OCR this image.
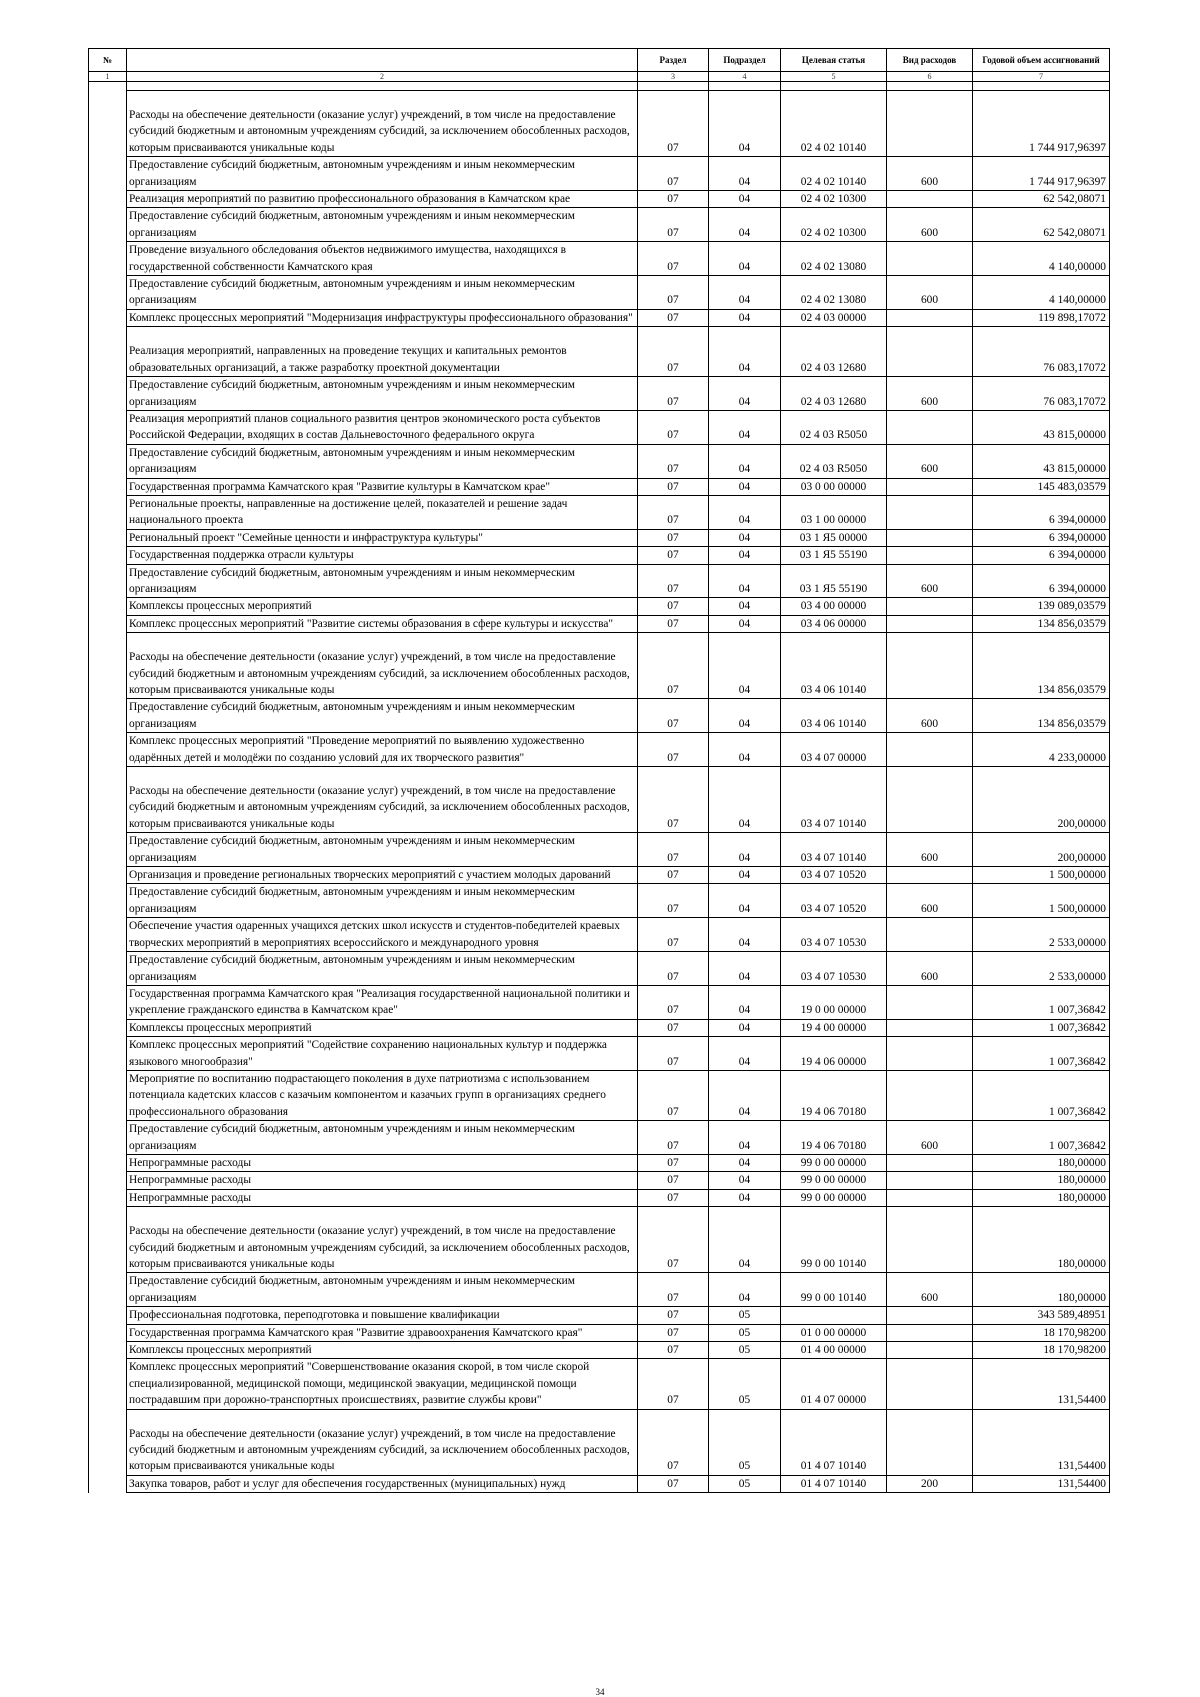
№		Раздел	Подраздел	Целевая статья	Вид расходов	Годовой объем ассигнований
1	2	3	4	5	6	7

	Расходы на обеспечение деятельности (оказание услуг) учреждений, в том числе на предоставление субсидий бюджетным и автономным учреждениям субсидий, за исключением обособленных расходов, которым присваиваются уникальные коды	07	04	02 4 02 10140		1 744 917,96397
	Предоставление субсидий бюджетным, автономным учреждениям и иным некоммерческим организациям	07	04	02 4 02 10140	600	1 744 917,96397
	Реализация мероприятий по развитию профессионального образования в Камчатском крае	07	04	02 4 02 10300		62 542,08071
	Предоставление субсидий бюджетным, автономным учреждениям и иным некоммерческим организациям	07	04	02 4 02 10300	600	62 542,08071
	Проведение визуального обследования объектов недвижимого имущества, находящихся в государственной собственности Камчатского края	07	04	02 4 02 13080		4 140,00000
	Предоставление субсидий бюджетным, автономным учреждениям и иным некоммерческим организациям	07	04	02 4 02 13080	600	4 140,00000
	Комплекс процессных мероприятий "Модернизация инфраструктуры профессионального образования"	07	04	02 4 03 00000		119 898,17072
	Реализация мероприятий, направленных на проведение текущих и капитальных ремонтов образовательных организаций, а также разработку проектной документации	07	04	02 4 03 12680		76 083,17072
	Предоставление субсидий бюджетным, автономным учреждениям и иным некоммерческим организациям	07	04	02 4 03 12680	600	76 083,17072
	Реализация мероприятий планов социального развития центров экономического роста субъектов Российской Федерации, входящих в состав Дальневосточного федерального округа	07	04	02 4 03 R5050		43 815,00000
	Предоставление субсидий бюджетным, автономным учреждениям и иным некоммерческим организациям	07	04	02 4 03 R5050	600	43 815,00000
	Государственная программа Камчатского края "Развитие культуры в Камчатском крае"	07	04	03 0 00 00000		145 483,03579
	Региональные проекты, направленные на достижение целей, показателей и решение задач национального проекта	07	04	03 1 00 00000		6 394,00000
	Региональный проект "Семейные ценности и инфраструктура культуры"	07	04	03 1 Я5 00000		6 394,00000
	Государственная поддержка отрасли культуры	07	04	03 1 Я5 55190		6 394,00000
	Предоставление субсидий бюджетным, автономным учреждениям и иным некоммерческим организациям	07	04	03 1 Я5 55190	600	6 394,00000
	Комплексы процессных мероприятий	07	04	03 4 00 00000		139 089,03579
	Комплекс процессных мероприятий "Развитие системы образования в сфере культуры и искусства"	07	04	03 4 06 00000		134 856,03579
	Расходы на обеспечение деятельности (оказание услуг) учреждений, в том числе на предоставление субсидий бюджетным и автономным учреждениям субсидий, за исключением обособленных расходов, которым присваиваются уникальные коды	07	04	03 4 06 10140		134 856,03579
	Предоставление субсидий бюджетным, автономным учреждениям и иным некоммерческим организациям	07	04	03 4 06 10140	600	134 856,03579
	Комплекс процессных мероприятий "Проведение мероприятий по выявлению художественно одарённых детей и молодёжи по созданию условий для их творческого развития"	07	04	03 4 07 00000		4 233,00000
	Расходы на обеспечение деятельности (оказание услуг) учреждений, в том числе на предоставление субсидий бюджетным и автономным учреждениям субсидий, за исключением обособленных расходов, которым присваиваются уникальные коды	07	04	03 4 07 10140		200,00000
	Предоставление субсидий бюджетным, автономным учреждениям и иным некоммерческим организациям	07	04	03 4 07 10140	600	200,00000
	Организация и проведение региональных творческих мероприятий с участием молодых дарований	07	04	03 4 07 10520		1 500,00000
	Предоставление субсидий бюджетным, автономным учреждениям и иным некоммерческим организациям	07	04	03 4 07 10520	600	1 500,00000
	Обеспечение участия одаренных учащихся детских школ искусств и студентов-победителей краевых творческих мероприятий в мероприятиях всероссийского и международного уровня	07	04	03 4 07 10530		2 533,00000
	Предоставление субсидий бюджетным, автономным учреждениям и иным некоммерческим организациям	07	04	03 4 07 10530	600	2 533,00000
	Государственная программа Камчатского края "Реализация государственной национальной политики и укрепление гражданского единства в Камчатском крае"	07	04	19 0 00 00000		1 007,36842
	Комплексы процессных мероприятий	07	04	19 4 00 00000		1 007,36842
	Комплекс процессных мероприятий "Содействие сохранению национальных культур и поддержка языкового многообразия"	07	04	19 4 06 00000		1 007,36842
	Мероприятие по воспитанию подрастающего поколения в духе патриотизма с использованием потенциала кадетских классов с казачьим компонентом и казачьих групп в организациях среднего профессионального образования	07	04	19 4 06 70180		1 007,36842
	Предоставление субсидий бюджетным, автономным учреждениям и иным некоммерческим организациям	07	04	19 4 06 70180	600	1 007,36842
	Непрограммные расходы	07	04	99 0 00 00000		180,00000
	Непрограммные расходы	07	04	99 0 00 00000		180,00000
	Непрограммные расходы	07	04	99 0 00 00000		180,00000
	Расходы на обеспечение деятельности (оказание услуг) учреждений, в том числе на предоставление субсидий бюджетным и автономным учреждениям субсидий, за исключением обособленных расходов, которым присваиваются уникальные коды	07	04	99 0 00 10140		180,00000
	Предоставление субсидий бюджетным, автономным учреждениям и иным некоммерческим организациям	07	04	99 0 00 10140	600	180,00000
	Профессиональная подготовка, переподготовка и повышение квалификации	07	05			343 589,48951
	Государственная программа Камчатского края "Развитие здравоохранения Камчатского края"	07	05	01 0 00 00000		18 170,98200
	Комплексы процессных мероприятий	07	05	01 4 00 00000		18 170,98200
	Комплекс процессных мероприятий "Совершенствование оказания скорой, в том числе скорой специализированной, медицинской помощи, медицинской эвакуации, медицинской помощи пострадавшим при дорожно-транспортных происшествиях, развитие службы крови"	07	05	01 4 07 00000		131,54400
	Расходы на обеспечение деятельности (оказание услуг) учреждений, в том числе на предоставление субсидий бюджетным и автономным учреждениям субсидий, за исключением обособленных расходов, которым присваиваются уникальные коды	07	05	01 4 07 10140		131,54400
	Закупка товаров, работ и услуг для обеспечения государственных (муниципальных) нужд	07	05	01 4 07 10140	200	131,54400
34
